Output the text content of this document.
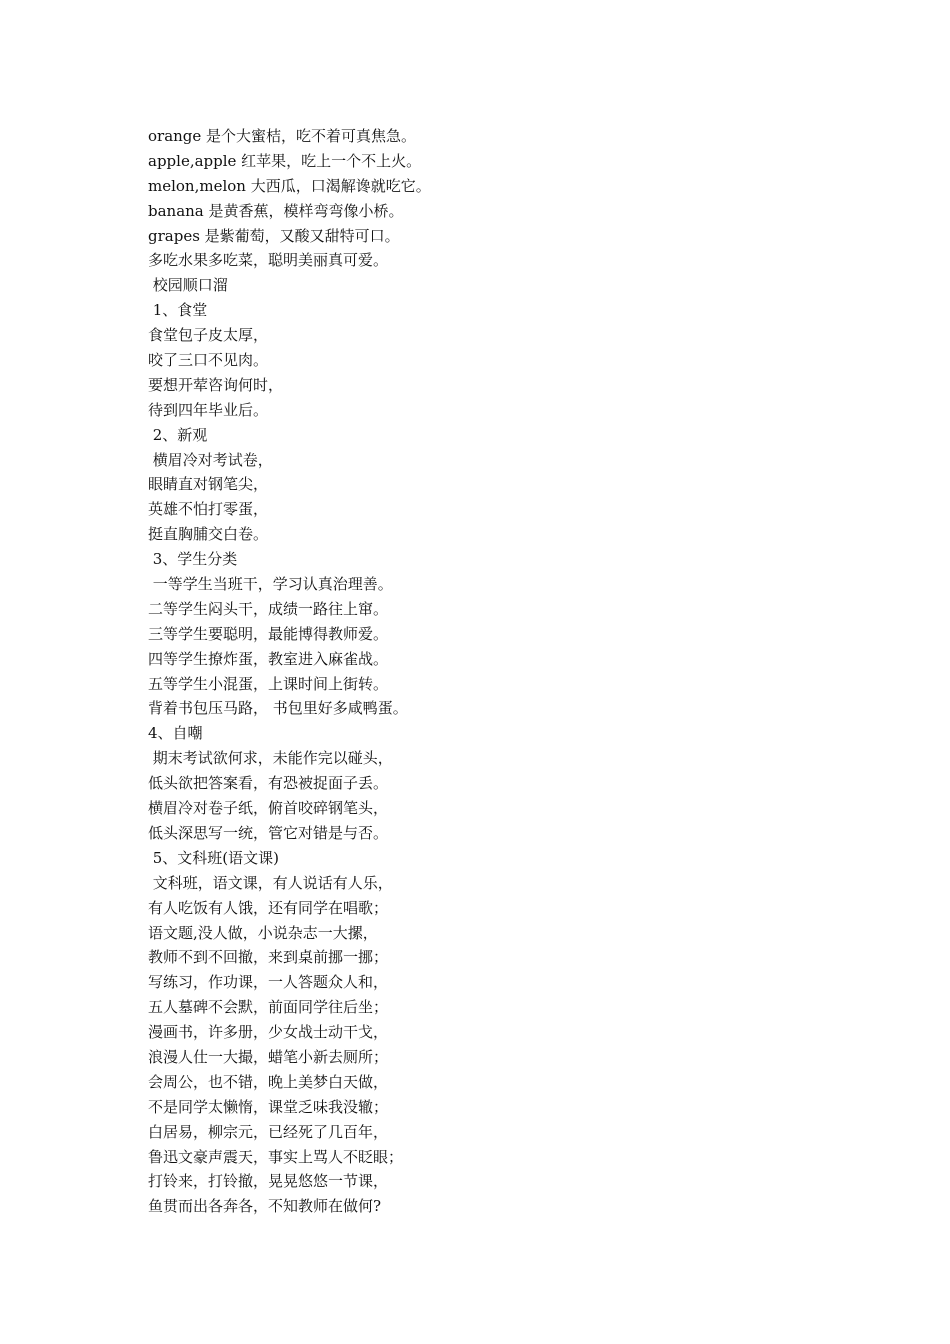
orange 是个大蜜桔，吃不着可真焦急。
apple,apple 红苹果，吃上一个不上火。
melon,melon 大西瓜，口渴解谗就吃它。
banana 是黄香蕉，模样弯弯像小桥。
grapes 是紫葡萄，又酸又甜特可口。
多吃水果多吃菜，聪明美丽真可爱。
校园顺口溜
1、食堂
食堂包子皮太厚，
咬了三口不见肉。
要想开荤咨询何时，
待到四年毕业后。
2、新观
横眉冷对考试卷，
眼睛直对钢笔尖，
英雄不怕打零蛋，
挺直胸脯交白卷。
3、学生分类
一等学生当班干，学习认真治理善。
二等学生闷头干，成绩一路往上窜。
三等学生要聪明，最能博得教师爱。
四等学生撩炸蛋，教室进入麻雀战。
五等学生小混蛋，上课时间上街转。
背着书包压马路， 书包里好多咸鸭蛋。
4、自嘲
期末考试欲何求，未能作完以碰头，
低头欲把答案看，有恐被捉面子丢。
横眉冷对卷子纸，俯首咬碎钢笔头，
低头深思写一统，管它对错是与否。
5、文科班(语文课)
文科班，语文课，有人说话有人乐，
有人吃饭有人饿，还有同学在唱歌；
语文题,没人做，小说杂志一大摞，
教师不到不回撤，来到桌前挪一挪；
写练习，作功课，一人答题众人和，
五人墓碑不会默，前面同学往后坐；
漫画书，许多册，少女战士动干戈，
浪漫人仕一大撮，蜡笔小新去厕所；
会周公，也不错，晚上美梦白天做，
不是同学太懒惰，课堂乏味我没辙；
白居易，柳宗元，已经死了几百年，
鲁迅文豪声震天，事实上骂人不眨眼；
打铃来，打铃撤，晃晃悠悠一节课，
鱼贯而出各奔各，不知教师在做何?
